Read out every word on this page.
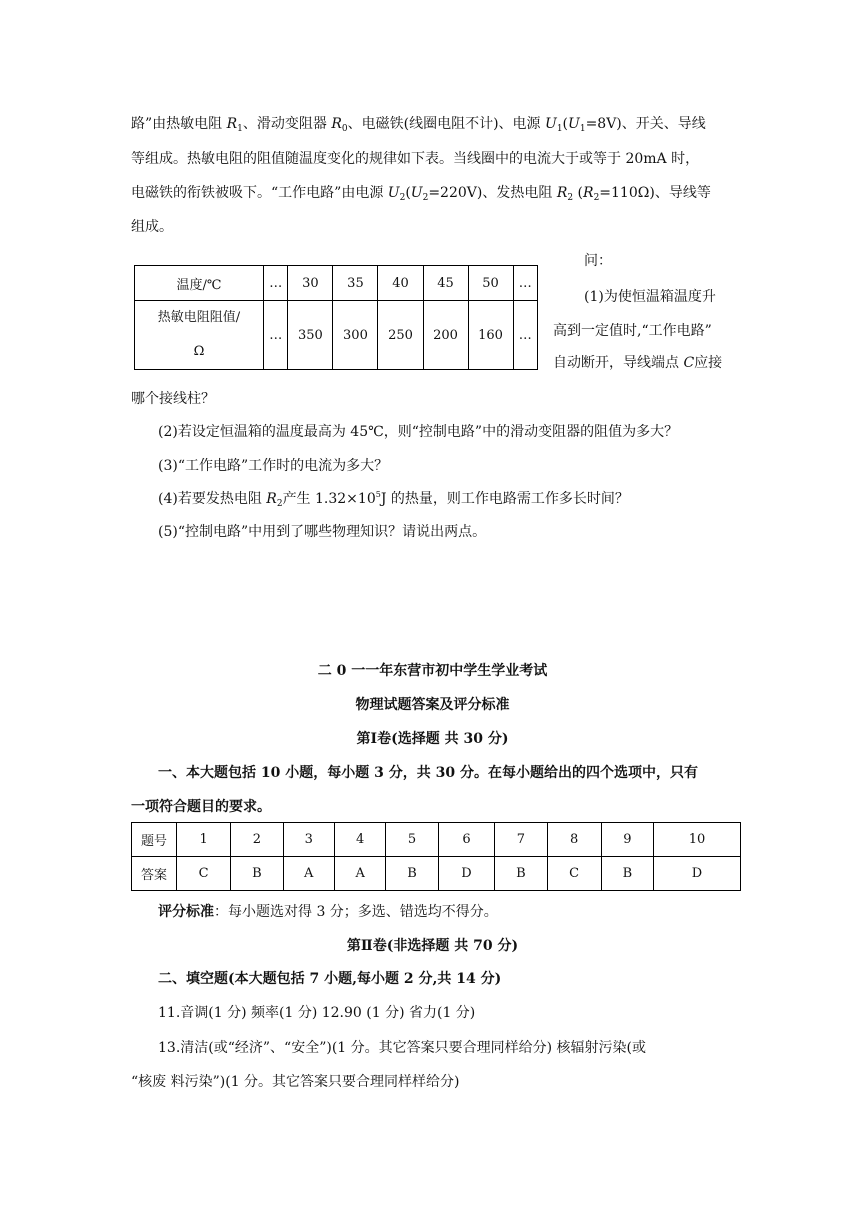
路”由热敏电阻 $R_1$、滑动变阻器 $R_0$、电磁铁(线圈电阻不计)、电源 $U_1(U_1=8V)$、开关、导线
等组成。热敏电阻的阻值随温度变化的规律如下表。当线圈中的电流大于或等于 20mA 时，
电磁铁的衔铁被吸下。“工作电路”由电源 $U_2(U_2=220V)$、发热电阻 $R_2$ $(R_2=110\Omega)$、导线等
组成。
温度/℃	…	30	35	40	45	50	…
热敏电阻阻值/
Ω	…	350	300	250	200	160	…
问：
(1)为使恒温箱温度升
高到一定值时,“工作电路”
自动断开，导线端点 C应接
哪个接线柱？
(2)若设定恒温箱的温度最高为 45℃，则“控制电路”中的滑动变阻器的阻值为多大？
(3)“工作电路”工作时的电流为多大？
(4)若要发热电阻 $R_2$产生 $1.32\times 10^5J$ 的热量，则工作电路需工作多长时间？
(5)“控制电路”中用到了哪些物理知识？请说出两点。
二 0 一一年东营市初中学生学业考试
物理试题答案及评分标准
第Ⅰ卷(选择题 共 30 分)
一、本大题包括 10 小题，每小题 3 分，共 30 分。在每小题给出的四个选项中，只有
一项符合题目的要求。
题号	1	2	3	4	5	6	7	8	9	10
答案	C	B	A	A	B	D	B	C	B	D
评分标准：每小题选对得 3 分；多选、错选均不得分。
第Ⅱ卷(非选择题 共 70 分)
二、填空题(本大题包括 7 小题,每小题 2 分,共 14 分)
11.音调(1 分) 频率(1 分) 12.90 (1 分) 省力(1 分)
13.清洁(或“经济”、“安全”)(1 分。其它答案只要合理同样给分) 核辐射污染(或
“核废 料污染”)(1 分。其它答案只要合理同样样给分)
